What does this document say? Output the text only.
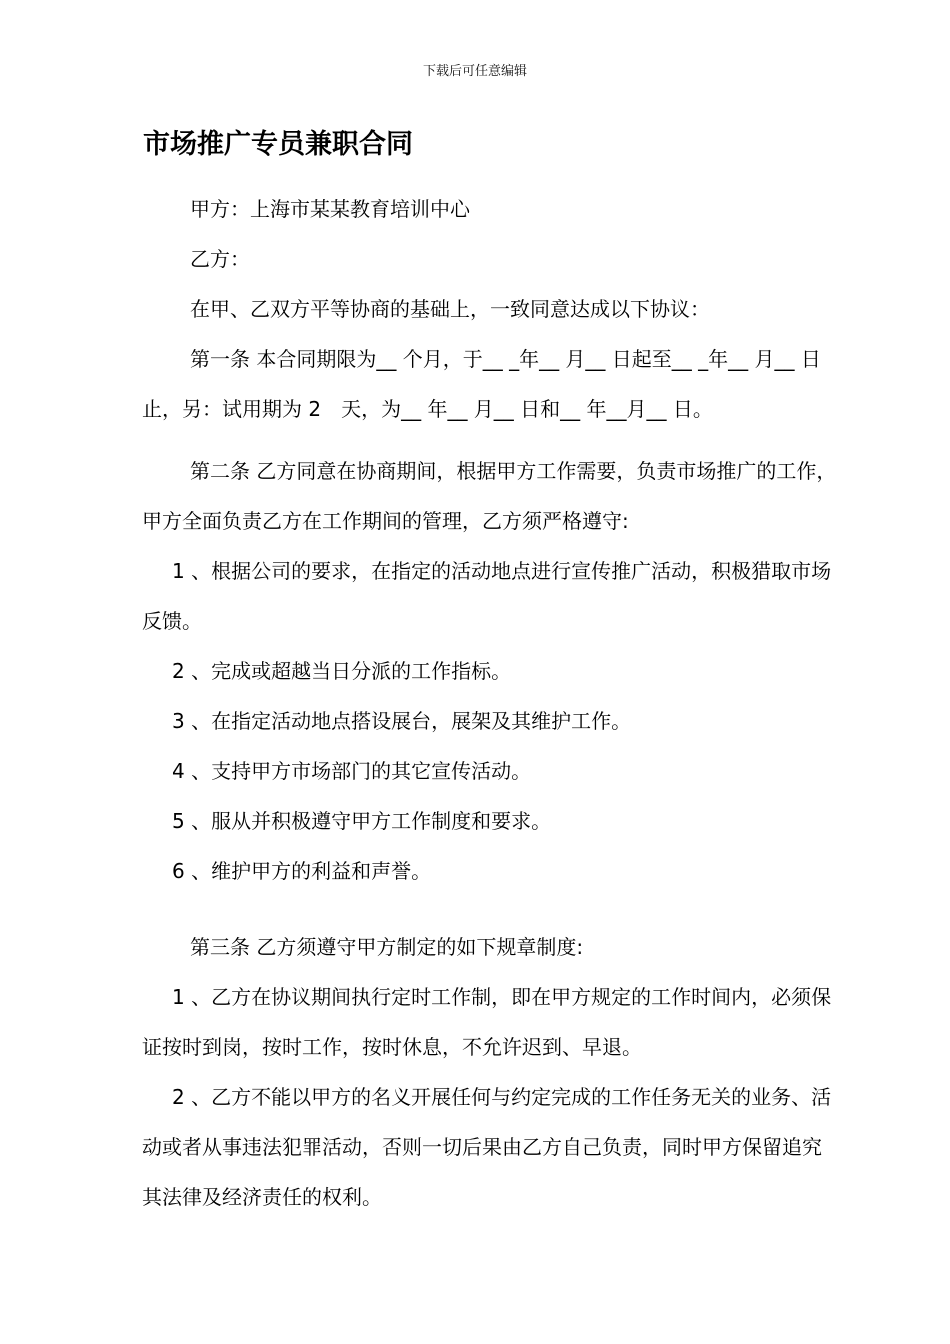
下载后可任意编辑
市场推广专员兼职合同
甲方：上海市某某教育培训中心
乙方：
在甲、乙双方平等协商的基础上，一致同意达成以下协议：
第一条 本合同期限为__ 个月，于__ _年__ 月__ 日起至__ _年__ 月__ 日
止，另：试用期为 2　天，为__ 年__ 月__ 日和__ 年__月__ 日。
第二条 乙方同意在协商期间，根据甲方工作需要，负责市场推广的工作，
甲方全面负责乙方在工作期间的管理，乙方须严格遵守:
1 、根据公司的要求，在指定的活动地点进行宣传推广活动，积极猎取市场
反馈。
2 、完成或超越当日分派的工作指标。
3 、在指定活动地点搭设展台，展架及其维护工作。
4 、支持甲方市场部门的其它宣传活动。
5 、服从并积极遵守甲方工作制度和要求。
6 、维护甲方的利益和声誉。
第三条 乙方须遵守甲方制定的如下规章制度:
1 、乙方在协议期间执行定时工作制，即在甲方规定的工作时间内，必须保
证按时到岗，按时工作，按时休息，不允许迟到、早退。
2 、乙方不能以甲方的名义开展任何与约定完成的工作任务无关的业务、活
动或者从事违法犯罪活动，否则一切后果由乙方自己负责，同时甲方保留追究
其法律及经济责任的权利。
